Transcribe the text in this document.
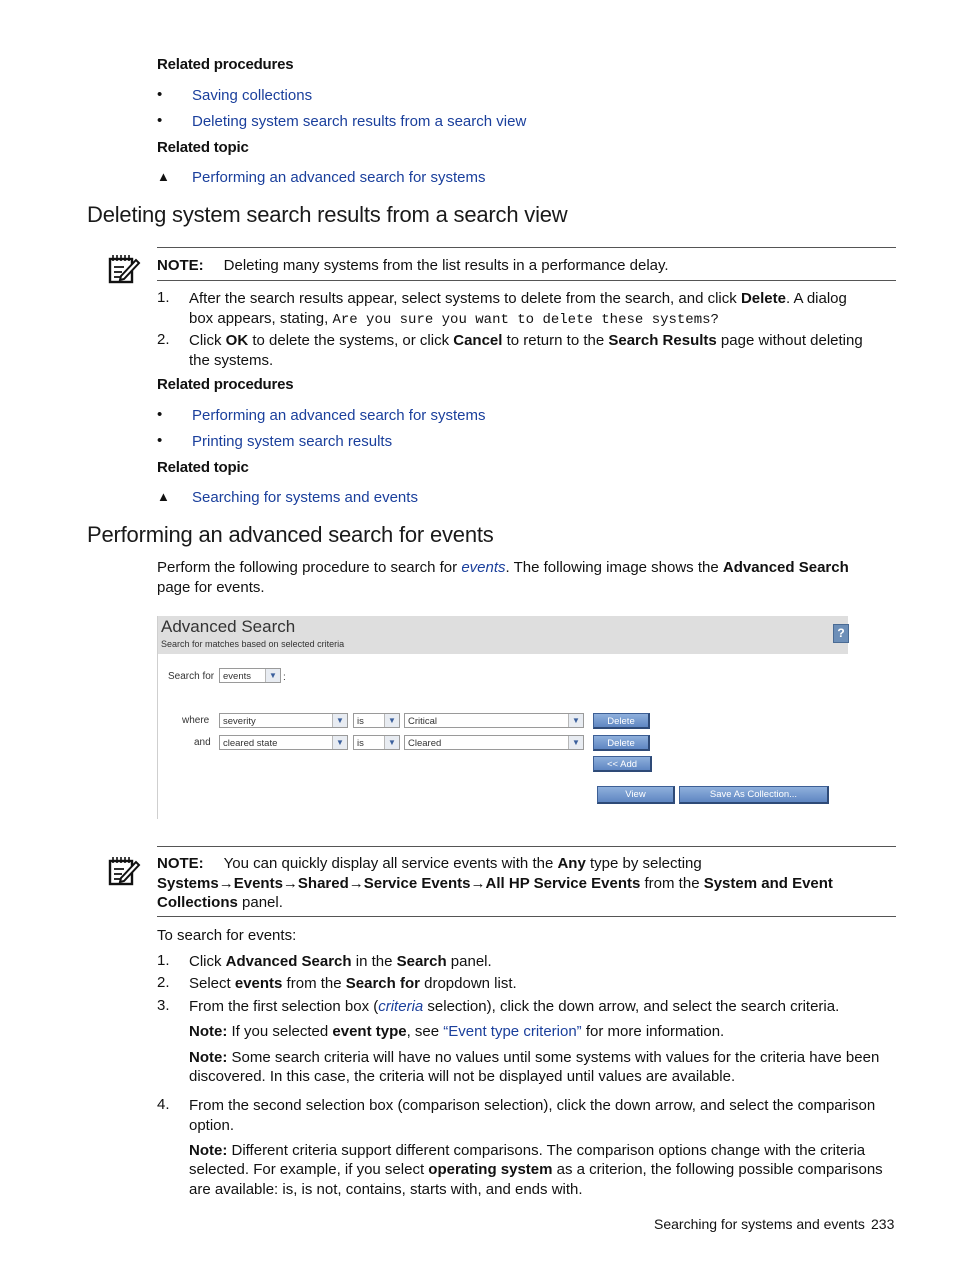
Related procedures
• Saving collections
• Deleting system search results from a search view
Related topic
▲ Performing an advanced search for systems
Deleting system search results from a search view
NOTE: Deleting many systems from the list results in a performance delay.
1. After the search results appear, select systems to delete from the search, and click Delete. A dialog
box appears, stating, Are you sure you want to delete these systems?
2. Click OK to delete the systems, or click Cancel to return to the Search Results page without deleting
the systems.
Related procedures
• Performing an advanced search for systems
• Printing system search results
Related topic
▲ Searching for systems and events
Performing an advanced search for events
Perform the following procedure to search for events. The following image shows the Advanced Search
page for events.
Advanced Search
Search for matches based on selected criteria
?
Search for events	▼ :
where	severity	▼	is	▼	Critical	▼	Delete
and	cleared state	▼	is	▼	Cleared	▼	Delete
<< Add
View	Save As Collection...
NOTE: You can quickly display all service events with the Any type by selecting
Systems→Events→Shared→Service Events→All HP Service Events from the System and Event
Collections panel.
To search for events:
1. Click Advanced Search in the Search panel.
2. Select events from the Search for dropdown list.
3. From the first selection box (criteria selection), click the down arrow, and select the search criteria.
Note: If you selected event type, see “Event type criterion” for more information.
Note: Some search criteria will have no values until some systems with values for the criteria have been
discovered. In this case, the criteria will not be displayed until values are available.
4. From the second selection box (comparison selection), click the down arrow, and select the comparison
option.
Note: Different criteria support different comparisons. The comparison options change with the criteria
selected. For example, if you select operating system as a criterion, the following possible comparisons
are available: is, is not, contains, starts with, and ends with.
Searching for systems and events 233
